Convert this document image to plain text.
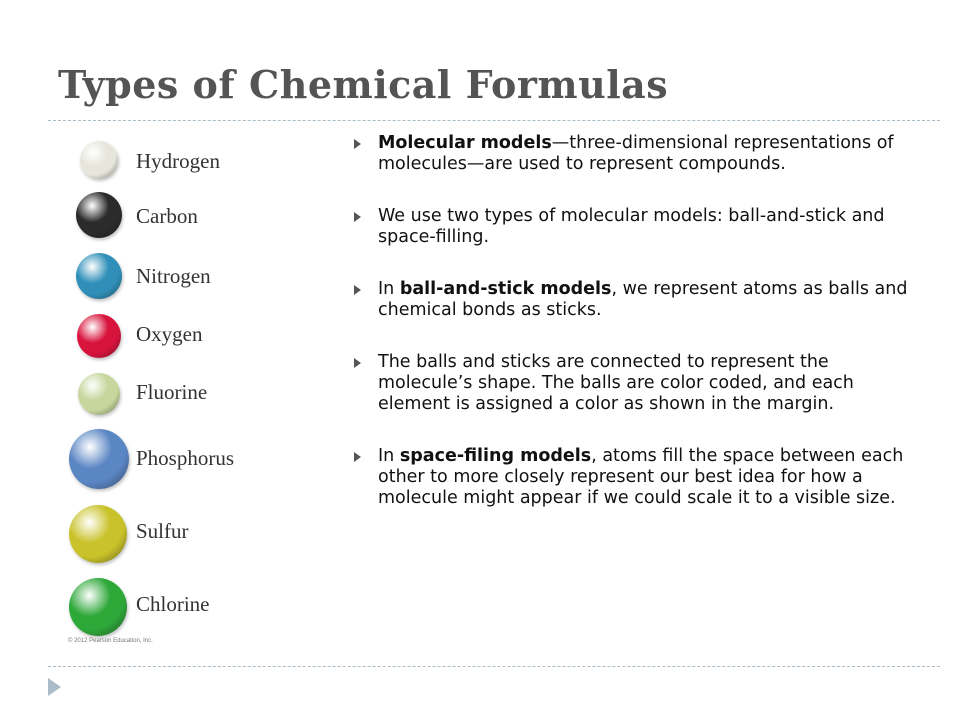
Types of Chemical Formulas
Hydrogen
Carbon
Nitrogen
Oxygen
Fluorine
Phosphorus
Sulfur
Chlorine
© 2012 Pearson Education, Inc.
Molecular models—three-dimensional representations of molecules—are used to represent compounds.
We use two types of molecular models: ball-and-stick and space-filling.
In ball-and-stick models, we represent atoms as balls and chemical bonds as sticks.
The balls and sticks are connected to represent the molecule’s shape. The balls are color coded, and each element is assigned a color as shown in the margin.
In space-filing models, atoms fill the space between each other to more closely represent our best idea for how a molecule might appear if we could scale it to a visible size.
